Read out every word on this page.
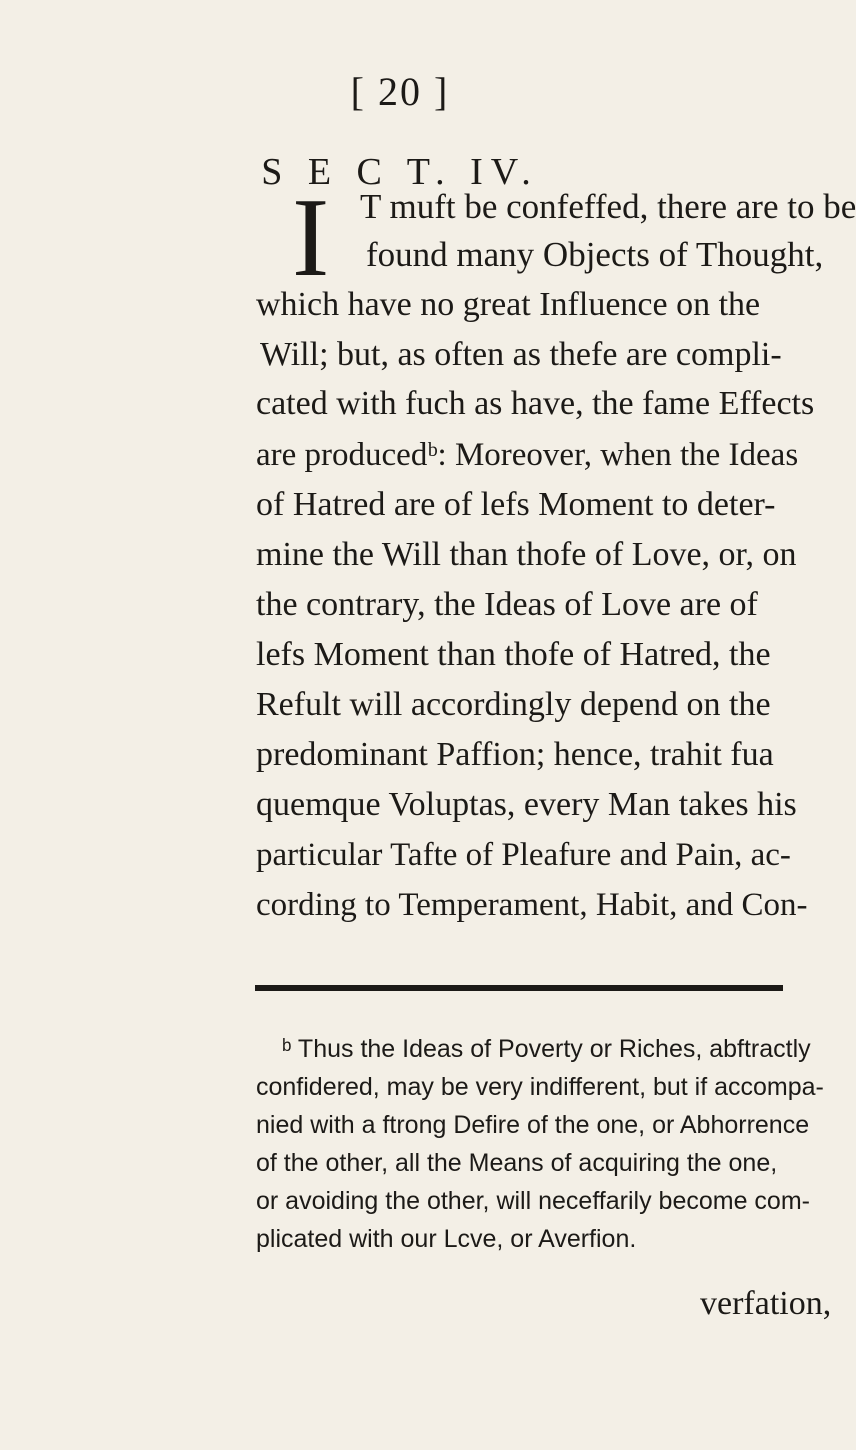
[ 20 ]
S E C T. IV.
I T muft be confeffed, there are to be
found many Objects of Thought,
which have no great Influence on the
Will; but, as often as thefe are compli-
cated with fuch as have, the fame Effects
are producedᵇ: Moreover, when the Ideas
of Hatred are of lefs Moment to deter-
mine the Will than thofe of Love, or, on
the contrary, the Ideas of Love are of
lefs Moment than thofe of Hatred, the
Refult will accordingly depend on the
predominant Paffion; hence, trahit fua
quemque Voluptas, every Man takes his
particular Tafte of Pleafure and Pain, ac-
cording to Temperament, Habit, and Con-
ᵇ Thus the Ideas of Poverty or Riches, abftractly
confidered, may be very indifferent, but if accompa-
nied with a ftrong Defire of the one, or Abhorrence
of the other, all the Means of acquiring the one,
or avoiding the other, will neceffarily become com-
plicated with our Lcve, or Averfion.
verfation,
